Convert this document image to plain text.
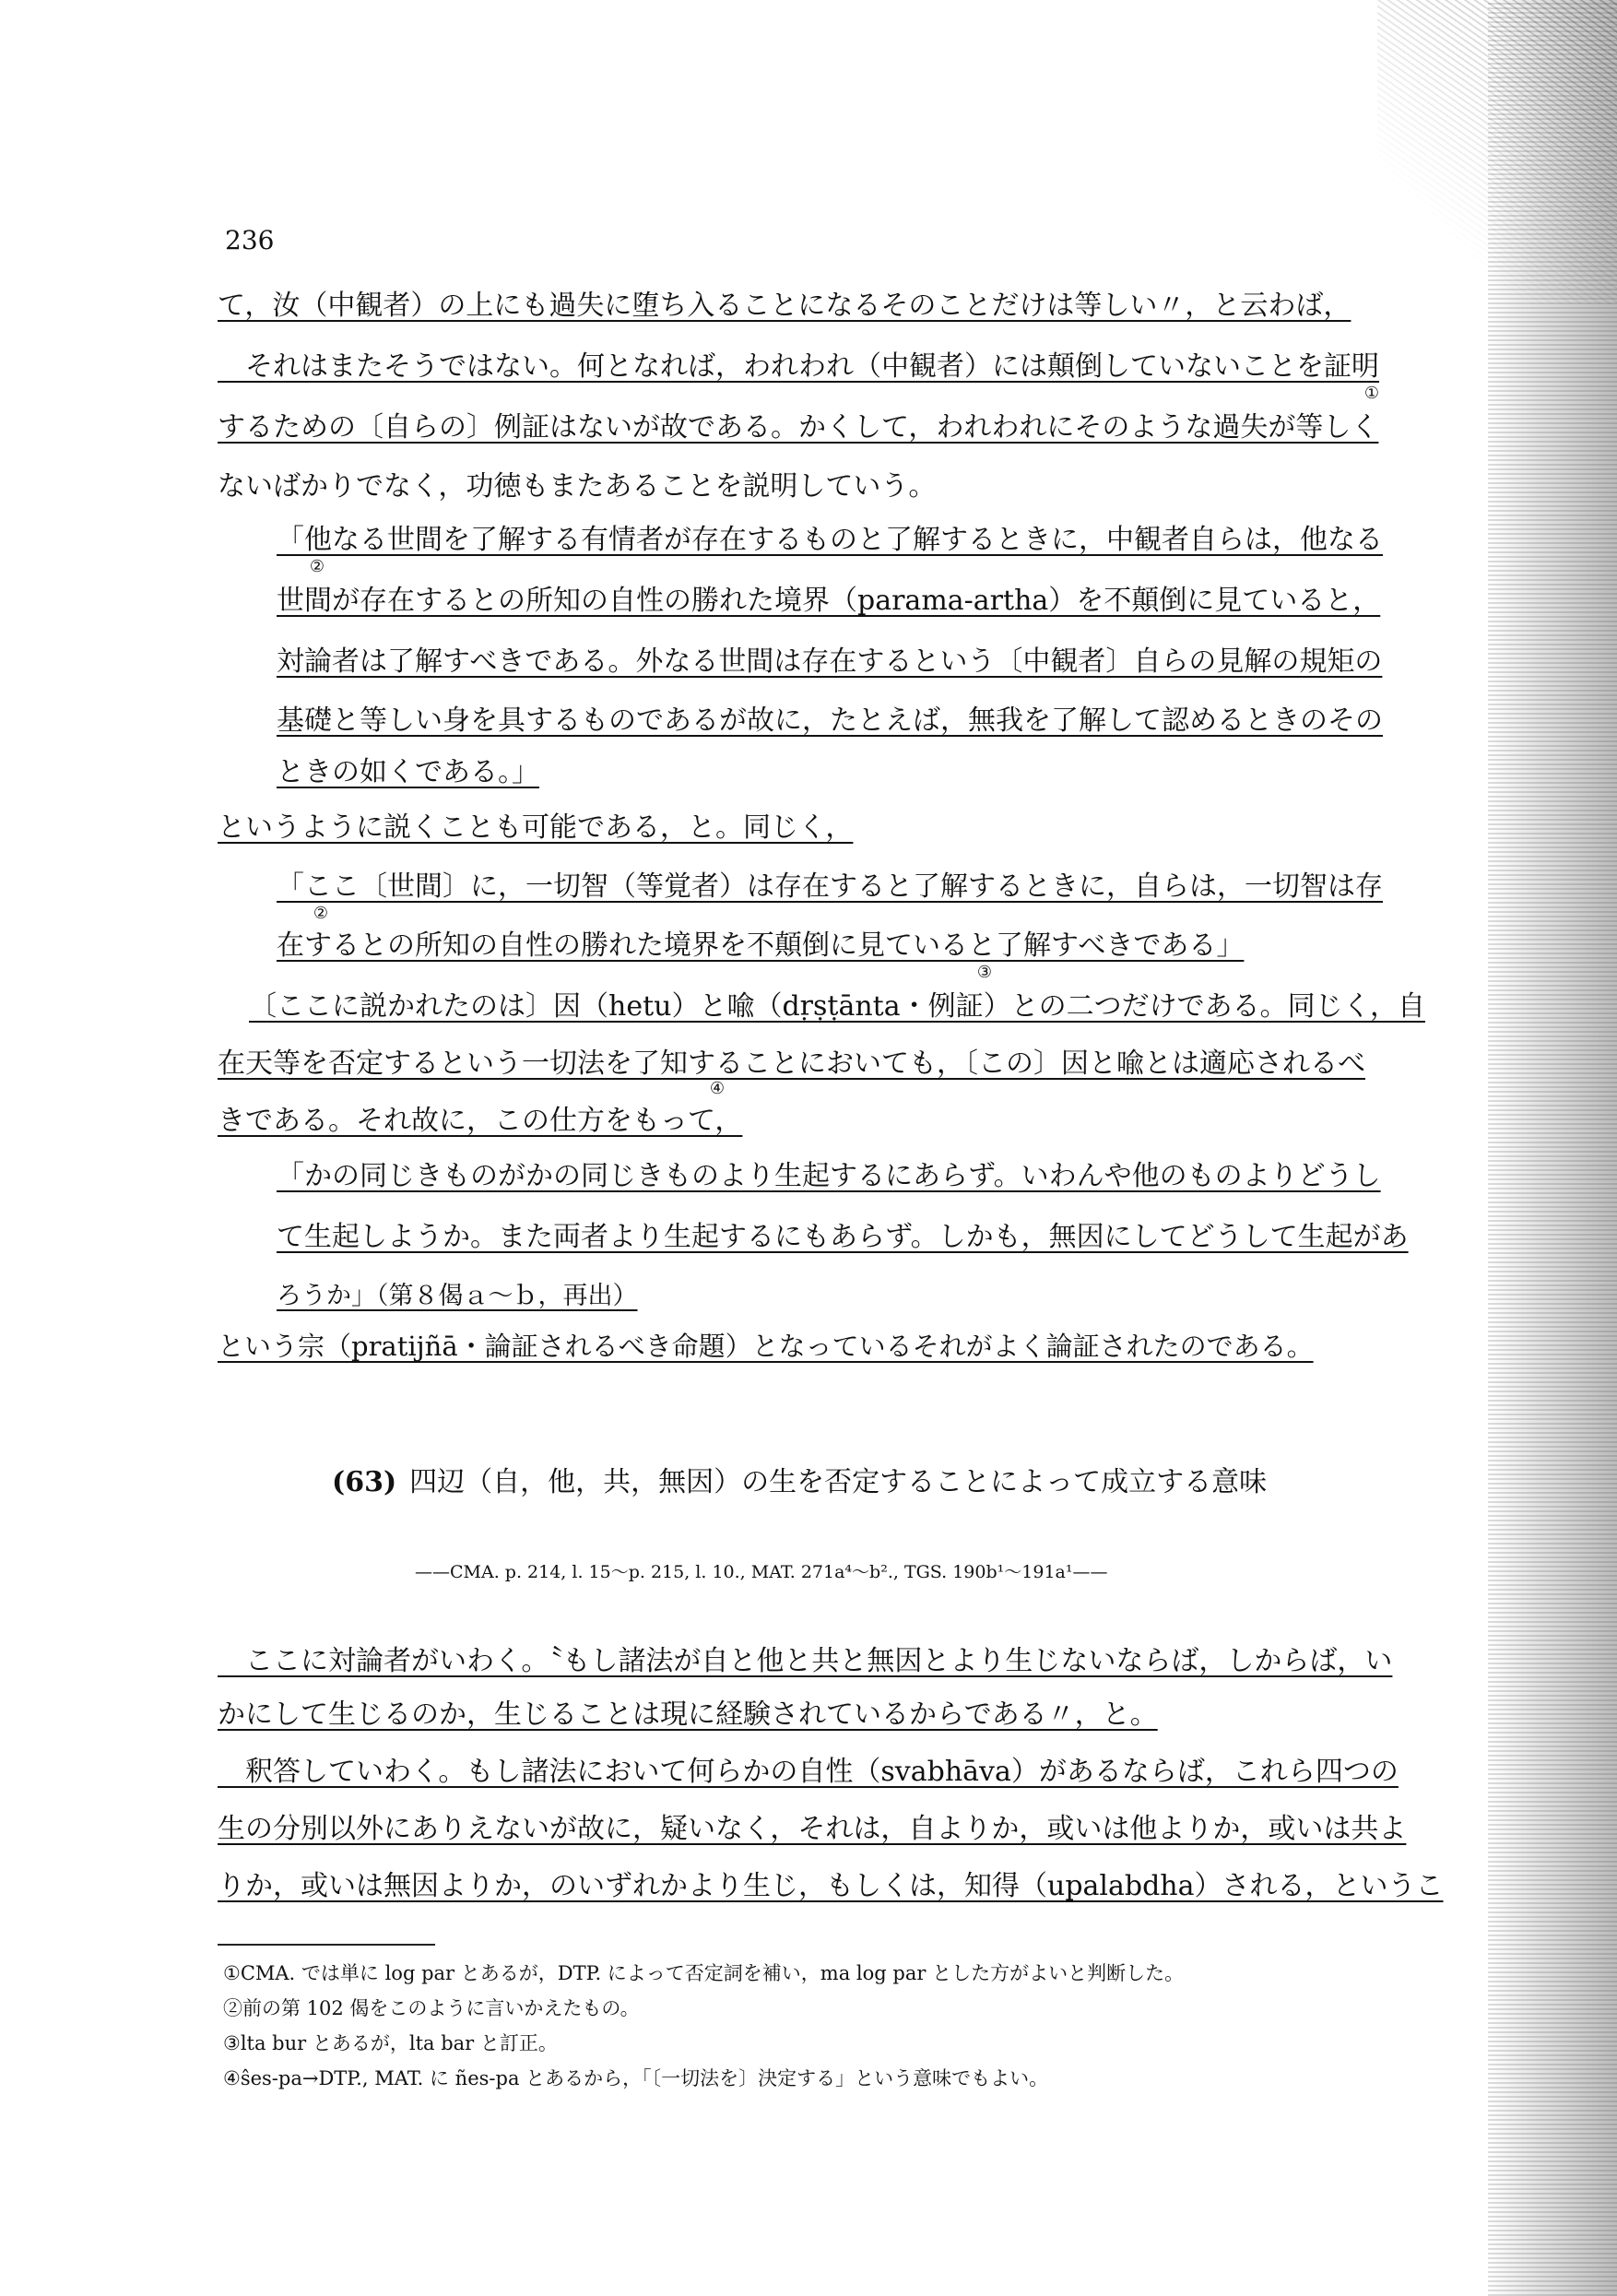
236
て，汝（中観者）の上にも過失に堕ち入ることになるそのことだけは等しい〃，と云わば，
　それはまたそうではない。何となれば，われわれ（中観者）には顛倒していないことを証明
①
するための〔自らの〕例証はないが故である。かくして，われわれにそのような過失が等しく
ないばかりでなく，功徳もまたあることを説明していう。
「他なる世間を了解する有情者が存在するものと了解するときに，中観者自らは，他なる
②
世間が存在するとの所知の自性の勝れた境界（parama-artha）を不顛倒に見ていると，
対論者は了解すべきである。外なる世間は存在するという〔中観者〕自らの見解の規矩の
基礎と等しい身を具するものであるが故に，たとえば，無我を了解して認めるときのその
ときの如くである。」
というように説くことも可能である，と。同じく，
「ここ〔世間〕に，一切智（等覚者）は存在すると了解するときに，自らは，一切智は存
②
在するとの所知の自性の勝れた境界を不顛倒に見ていると了解すべきである」
③
〔ここに説かれたのは〕因（hetu）と喩（dṛṣṭānta・例証）との二つだけである。同じく，自
在天等を否定するという一切法を了知することにおいても，〔この〕因と喩とは適応されるべ
④
きである。それ故に，この仕方をもって，
「かの同じきものがかの同じきものより生起するにあらず。いわんや他のものよりどうし
て生起しようか。また両者より生起するにもあらず。しかも，無因にしてどうして生起があ
ろうか」（第８偈ａ～ｂ，再出）
という宗（pratijñā・論証されるべき命題）となっているそれがよく論証されたのである。
(63) 四辺（自，他，共，無因）の生を否定することによって成立する意味
——CMA. p. 214, l. 15～p. 215, l. 10., MAT. 271a⁴～b²., TGS. 190b¹～191a¹——
　ここに対論者がいわく。〝もし諸法が自と他と共と無因とより生じないならば，しからば，い
かにして生じるのか，生じることは現に経験されているからである〃，と。
　釈答していわく。もし諸法において何らかの自性（svabhāva）があるならば，これら四つの
生の分別以外にありえないが故に，疑いなく，それは，自よりか，或いは他よりか，或いは共よ
りか，或いは無因よりか，のいずれかより生じ，もしくは，知得（upalabdha）される，というこ
①CMA. では単に log par とあるが，DTP. によって否定詞を補い，ma log par とした方がよいと判断した。
②前の第 102 偈をこのように言いかえたもの。
③lta bur とあるが，lta bar と訂正。
④ŝes-pa→DTP., MAT. に ñes-pa とあるから，「〔一切法を〕決定する」という意味でもよい。
